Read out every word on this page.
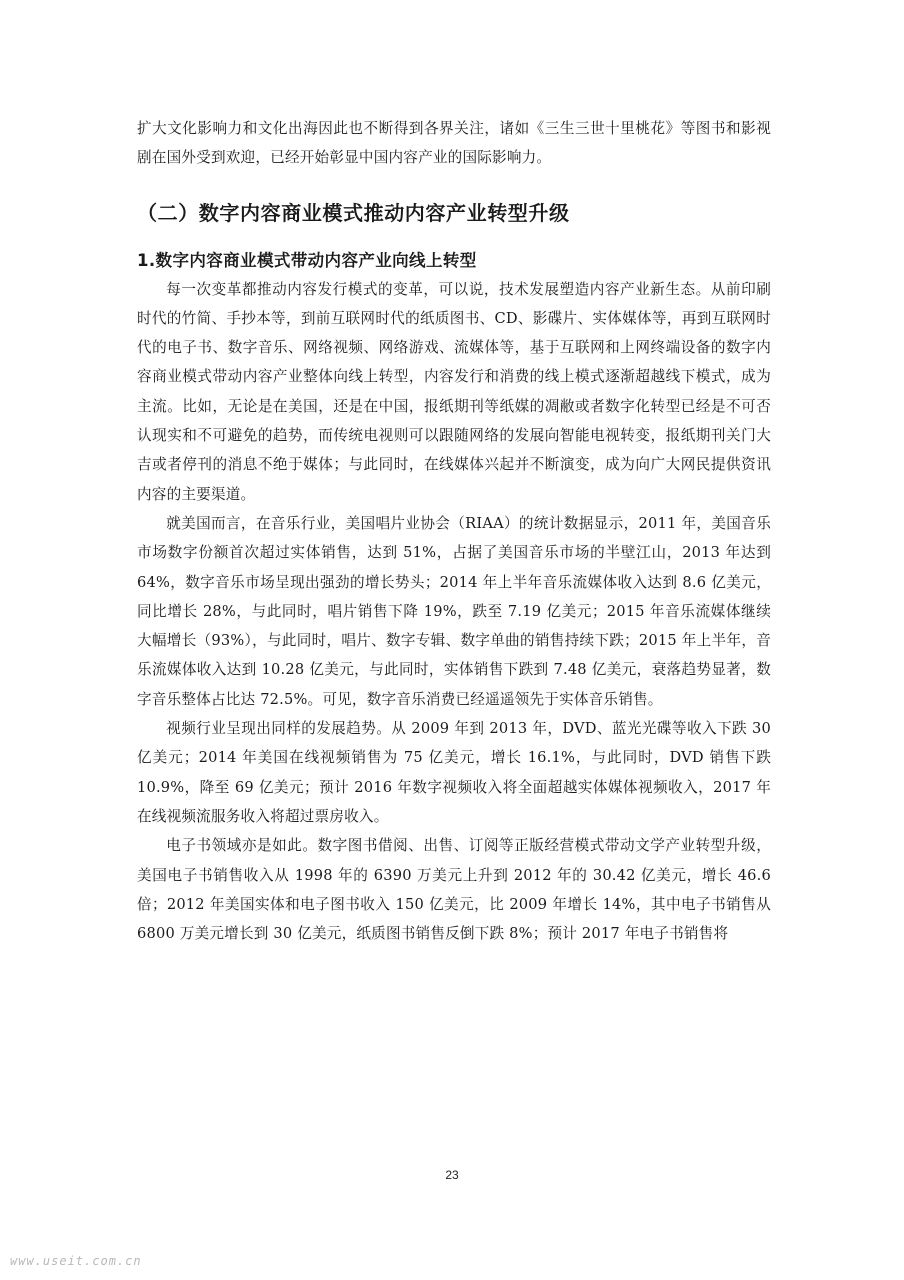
扩大文化影响力和文化出海因此也不断得到各界关注，诸如《三生三世十里桃花》等图书和影视剧在国外受到欢迎，已经开始彰显中国内容产业的国际影响力。

（二）数字内容商业模式推动内容产业转型升级
1.数字内容商业模式带动内容产业向线上转型

每一次变革都推动内容发行模式的变革，可以说，技术发展塑造内容产业新生态。从前印刷时代的竹简、手抄本等，到前互联网时代的纸质图书、CD、影碟片、实体媒体等，再到互联网时代的电子书、数字音乐、网络视频、网络游戏、流媒体等，基于互联网和上网终端设备的数字内容商业模式带动内容产业整体向线上转型，内容发行和消费的线上模式逐渐超越线下模式，成为主流。比如，无论是在美国，还是在中国，报纸期刊等纸媒的凋敝或者数字化转型已经是不可否认现实和不可避免的趋势，而传统电视则可以跟随网络的发展向智能电视转变，报纸期刊关门大吉或者停刊的消息不绝于媒体；与此同时，在线媒体兴起并不断演变，成为向广大网民提供资讯内容的主要渠道。

就美国而言，在音乐行业，美国唱片业协会（RIAA）的统计数据显示，2011 年，美国音乐市场数字份额首次超过实体销售，达到 51%，占据了美国音乐市场的半壁江山，2013 年达到 64%，数字音乐市场呈现出强劲的增长势头；2014 年上半年音乐流媒体收入达到 8.6 亿美元，同比增长 28%，与此同时，唱片销售下降 19%，跌至 7.19 亿美元；2015 年音乐流媒体继续大幅增长（93%），与此同时，唱片、数字专辑、数字单曲的销售持续下跌；2015 年上半年，音乐流媒体收入达到 10.28 亿美元，与此同时，实体销售下跌到 7.48 亿美元，衰落趋势显著，数字音乐整体占比达 72.5%。可见，数字音乐消费已经遥遥领先于实体音乐销售。

视频行业呈现出同样的发展趋势。从 2009 年到 2013 年，DVD、蓝光光碟等收入下跌 30 亿美元；2014 年美国在线视频销售为 75 亿美元，增长 16.1%，与此同时，DVD 销售下跌 10.9%，降至 69 亿美元；预计 2016 年数字视频收入将全面超越实体媒体视频收入，2017 年在线视频流服务收入将超过票房收入。

电子书领域亦是如此。数字图书借阅、出售、订阅等正版经营模式带动文学产业转型升级，美国电子书销售收入从 1998 年的 6390 万美元上升到 2012 年的 30.42 亿美元，增长 46.6 倍；2012 年美国实体和电子图书收入 150 亿美元，比 2009 年增长 14%，其中电子书销售从 6800 万美元增长到 30 亿美元，纸质图书销售反倒下跌 8%；预计 2017 年电子书销售将

23
www.useit.com.cn
